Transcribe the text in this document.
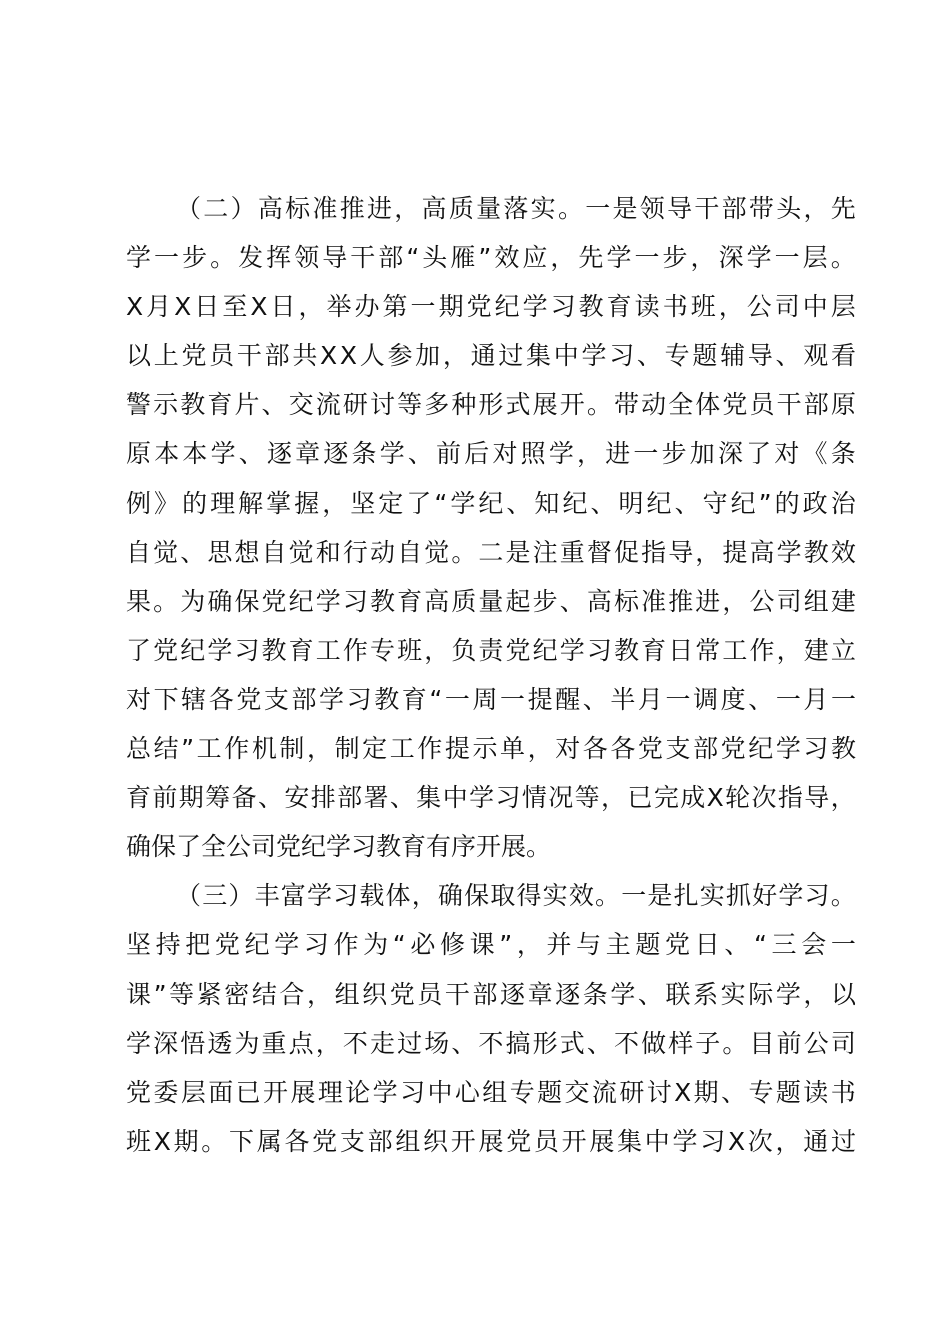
（ 二 ） 高 标 准 推 进 ， 高 质 量 落 实 。 一 是 领 导 干 部 带 头 ， 先
学 一 步 。 发 挥 领 导 干 部 “ 头 雁 ” 效 应 ， 先 学 一 步 ， 深 学 一 层 。
X 月 X 日 至 X 日 ， 举 办 第 一 期 党 纪 学 习 教 育 读 书 班 ， 公 司 中 层
以 上 党 员 干 部 共 X X 人 参 加 ， 通 过 集 中 学 习 、 专 题 辅 导 、 观 看
警 示 教 育 片 、 交 流 研 讨 等 多 种 形 式 展 开 。 带 动 全 体 党 员 干 部 原
原 本 本 学 、 逐 章 逐 条 学 、 前 后 对 照 学 ， 进 一 步 加 深 了 对 《 条
例 》 的 理 解 掌 握 ， 坚 定 了 “ 学 纪 、 知 纪 、 明 纪 、 守 纪 ” 的 政 治
自 觉 、 思 想 自 觉 和 行 动 自 觉 。 二 是 注 重 督 促 指 导 ， 提 高 学 教 效
果 。 为 确 保 党 纪 学 习 教 育 高 质 量 起 步 、 高 标 准 推 进 ， 公 司 组 建
了 党 纪 学 习 教 育 工 作 专 班 ， 负 责 党 纪 学 习 教 育 日 常 工 作 ， 建 立
对 下 辖 各 党 支 部 学 习 教 育 “ 一 周 一 提 醒 、 半 月 一 调 度 、 一 月 一
总 结 ” 工 作 机 制 ， 制 定 工 作 提 示 单 ， 对 各 各 党 支 部 党 纪 学 习 教
育 前 期 筹 备 、 安 排 部 署 、 集 中 学 习 情 况 等 ， 已 完 成 X 轮 次 指 导 ，
确保了全公司党纪学习教育有序开展。
（ 三 ） 丰 富 学 习 载 体 ， 确 保 取 得 实 效 。 一 是 扎 实 抓 好 学 习 。
坚 持 把 党 纪 学 习 作 为 “ 必 修 课 ” ， 并 与 主 题 党 日 、 “ 三 会 一
课 ” 等 紧 密 结 合 ， 组 织 党 员 干 部 逐 章 逐 条 学 、 联 系 实 际 学 ， 以
学 深 悟 透 为 重 点 ， 不 走 过 场 、 不 搞 形 式 、 不 做 样 子 。 目 前 公 司
党 委 层 面 已 开 展 理 论 学 习 中 心 组 专 题 交 流 研 讨 X 期 、 专 题 读 书
班 X 期 。 下 属 各 党 支 部 组 织 开 展 党 员 开 展 集 中 学 习 X 次 ， 通 过
